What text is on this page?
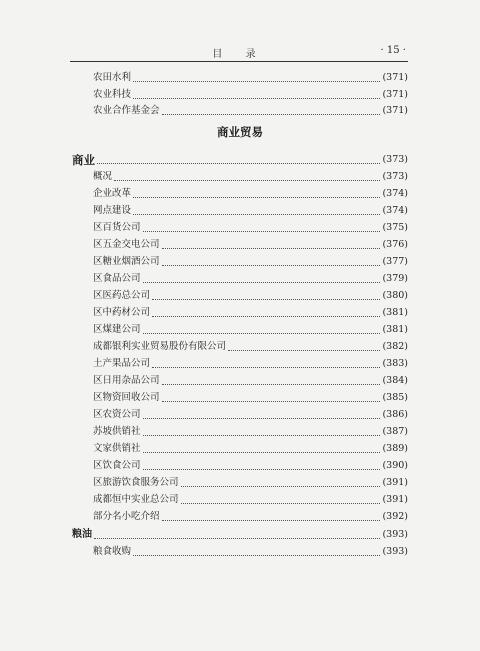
目 录	· 15 ·
农田水利	(371)
农业科技	(371)
农业合作基金会	(371)
商业贸易
商业	(373)
概况	(373)
企业改革	(374)
网点建设	(374)
区百货公司	(375)
区五金交电公司	(376)
区糖业烟酒公司	(377)
区食品公司	(379)
区医药总公司	(380)
区中药材公司	(381)
区煤建公司	(381)
成都银利实业贸易股份有限公司	(382)
土产果品公司	(383)
区日用杂品公司	(384)
区物资回收公司	(385)
区农资公司	(386)
苏坡供销社	(387)
文家供销社	(389)
区饮食公司	(390)
区旅游饮食服务公司	(391)
成都恒中实业总公司	(391)
部分名小吃介绍	(392)
粮油	(393)
粮食收购	(393)
